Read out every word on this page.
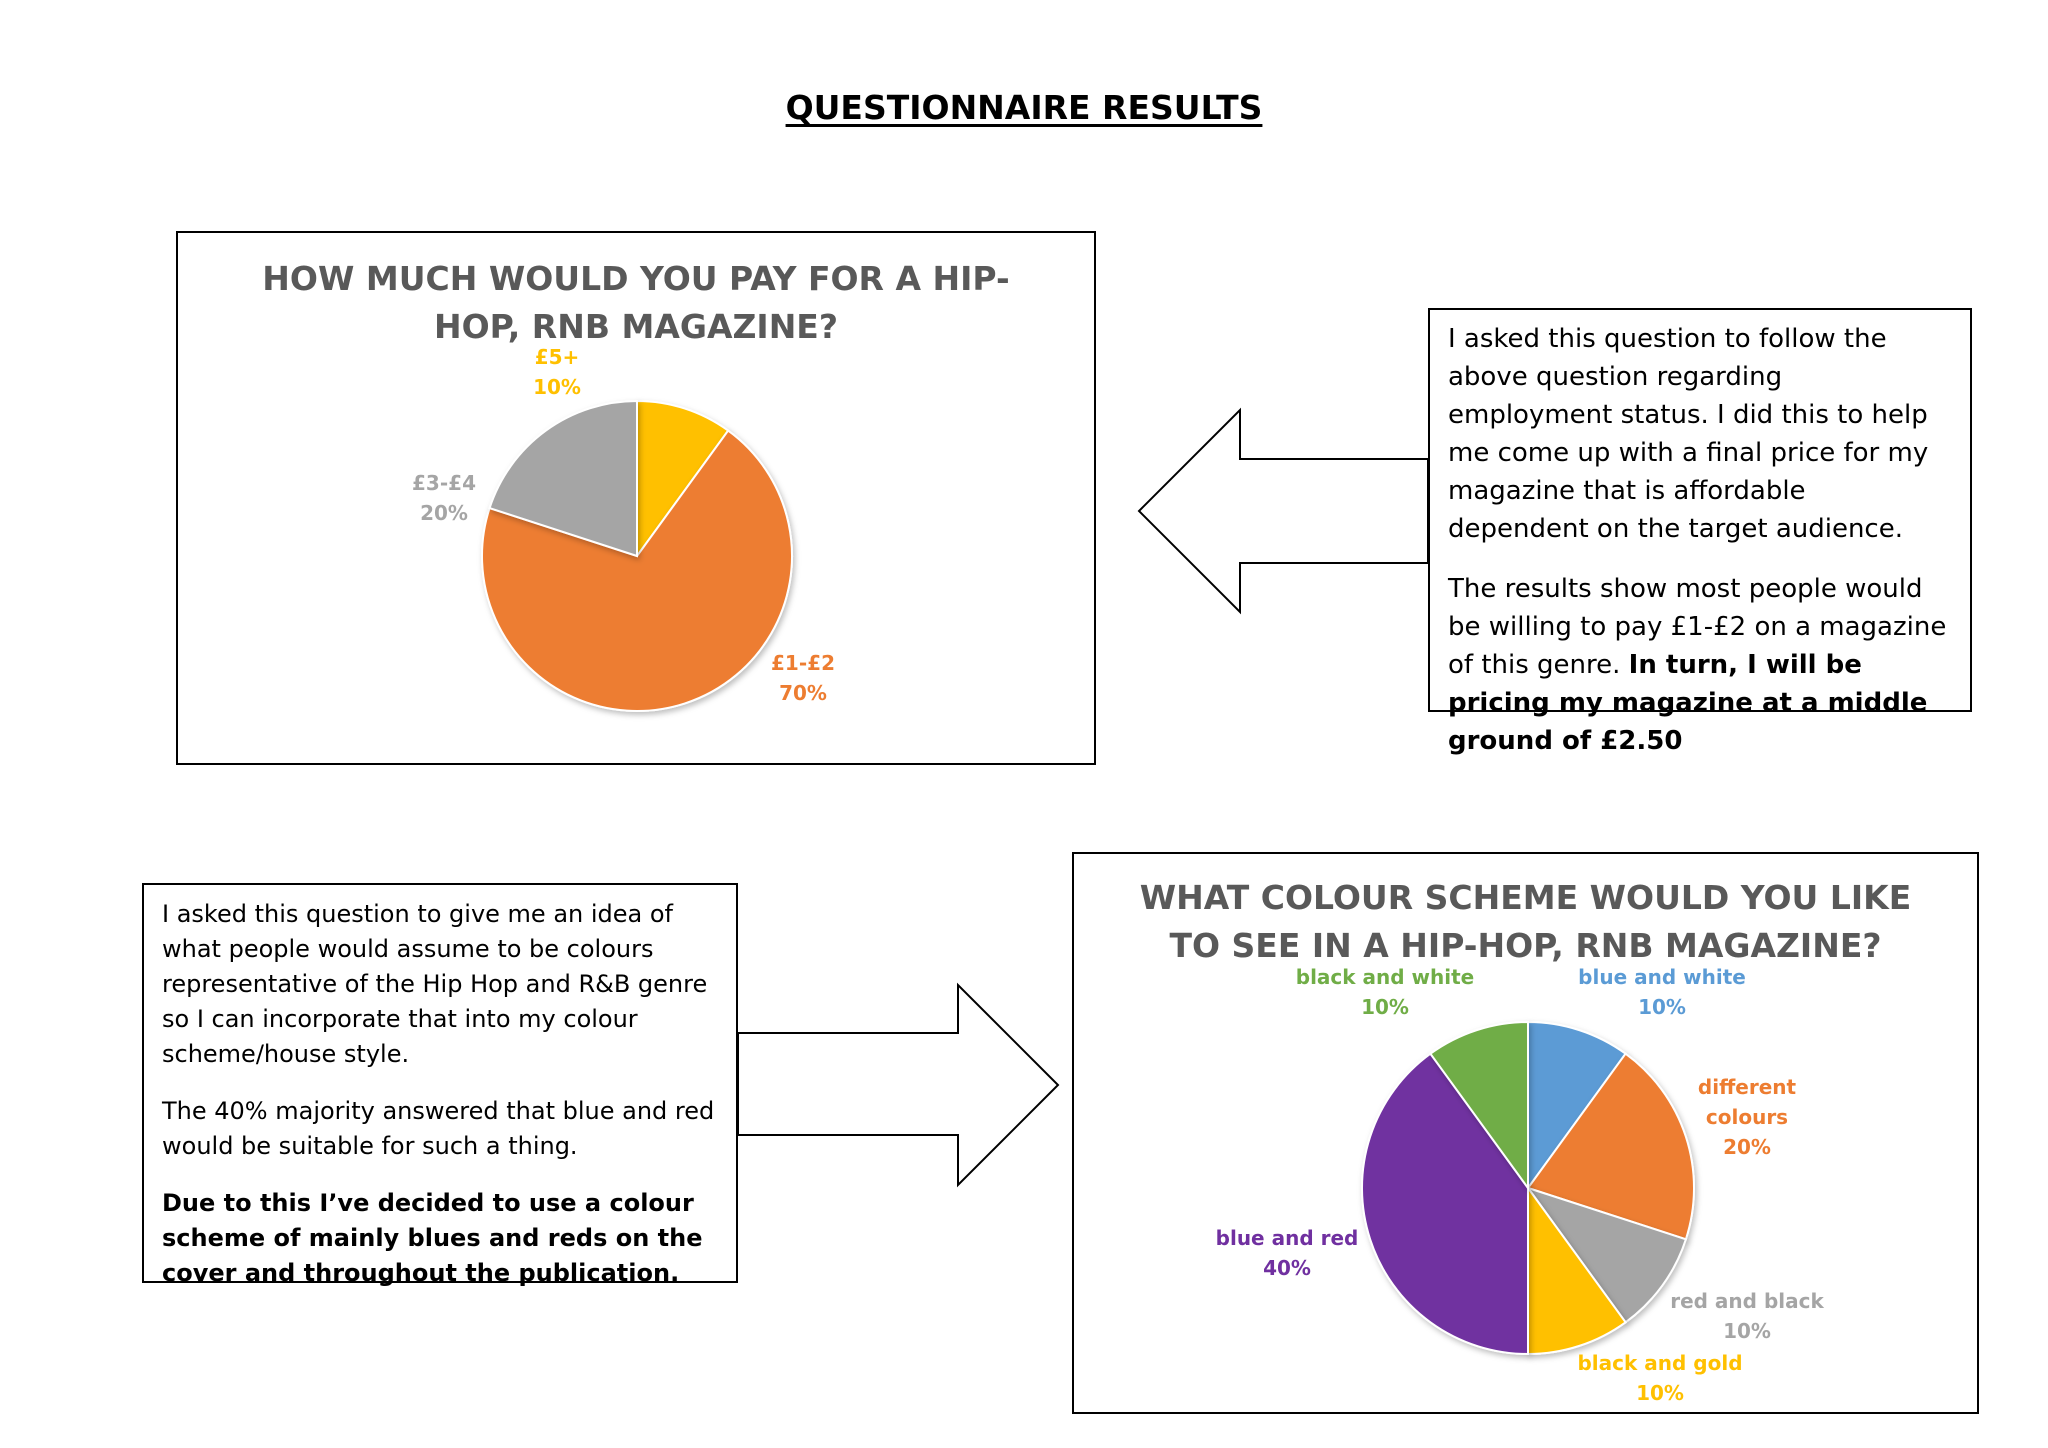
QUESTIONNAIRE RESULTS
HOW MUCH WOULD YOU PAY FOR A HIP-
HOP, RNB MAGAZINE?	I asked this question to follow the above question regarding employment status. I did this to help me come up with a final price for my magazine that is affordable dependent on the target audience.

The results show most people would be willing to pay £1-£2 on a magazine of this genre. In turn, I will be pricing my magazine at a middle ground of £2.50

I asked this question to give me an idea of what people would assume to be colours representative of the Hip Hop and R&B genre so I can incorporate that into my colour scheme/house style.

The 40% majority answered that blue and red would be suitable for such a thing.

Due to this I’ve decided to use a colour scheme of mainly blues and reds on the cover and throughout the publication.

WHAT COLOUR SCHEME WOULD YOU LIKE
TO SEE IN A HIP-HOP, RNB MAGAZINE?
£5+ 10%
£1-£2 70%
£3-£4 20%
blue and white 10%
different colours 20%
red and black 10%
black and gold 10%
blue and red 40%
black and white 10%
